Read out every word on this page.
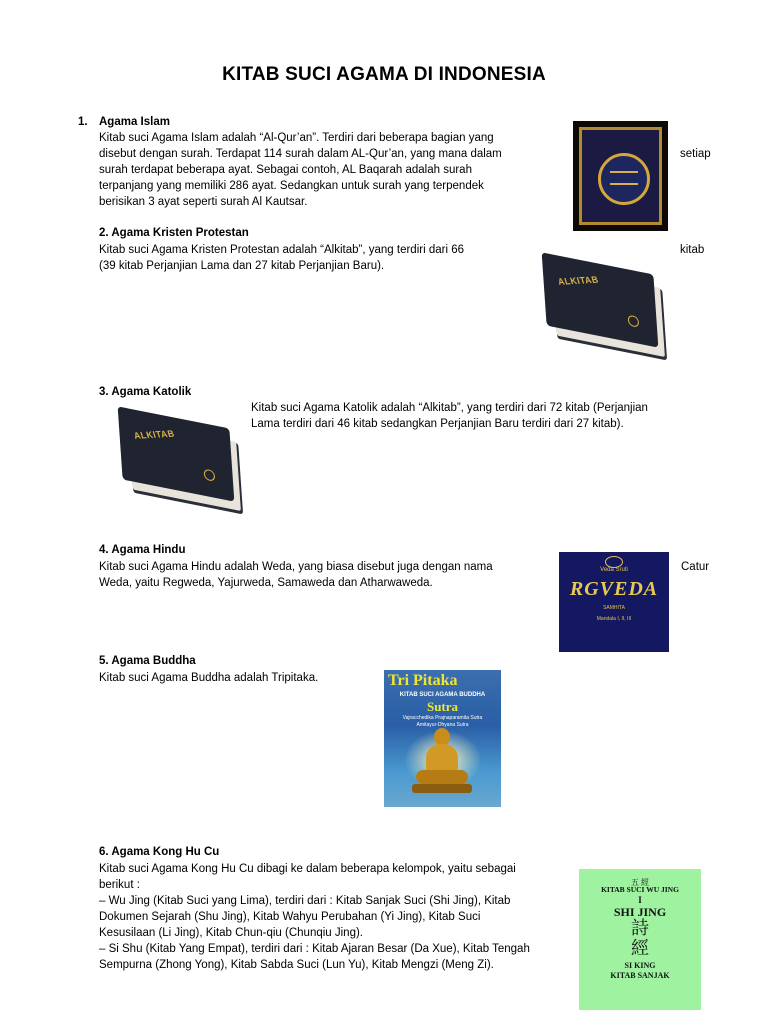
KITAB SUCI AGAMA DI INDONESIA
1. Agama Islam
Kitab suci Agama Islam adalah “Al-Qur’an”. Terdiri dari beberapa bagian yang
disebut dengan surah. Terdapat 114 surah dalam AL-Qur’an, yang mana dalam
surah terdapat beberapa ayat. Sebagai contoh, AL Baqarah adalah surah
terpanjang yang memiliki 286 ayat. Sedangkan untuk surah yang terpendek
berisikan 3 ayat seperti surah Al Kautsar.
setiap
2. Agama Kristen Protestan
Kitab suci Agama Kristen Protestan adalah “Alkitab”, yang terdiri dari 66
(39 kitab Perjanjian Lama dan 27 kitab Perjanjian Baru).
kitab
ALKITAB
3. Agama Katolik
Kitab suci Agama Katolik adalah “Alkitab”, yang terdiri dari 72 kitab (Perjanjian
Lama terdiri dari 46 kitab sedangkan Perjanjian Baru terdiri dari 27 kitab).
ALKITAB
4. Agama Hindu
Kitab suci Agama Hindu adalah Weda, yang biasa disebut juga dengan nama
Weda, yaitu Regweda, Yajurweda, Samaweda dan Atharwaweda.
Catur
Veda Sruti
RGVEDA
SAMHITA
Mandala I, II, III
5. Agama Buddha
Kitab suci Agama Buddha adalah Tripitaka.	Tri Pitaka
KITAB SUCI AGAMA BUDDHA
Sutra
Vajracchedika Prajnaparamita Sutra
Amitayur-Dhyana Sutra
6. Agama Kong Hu Cu
Kitab suci Agama Kong Hu Cu dibagi ke dalam beberapa kelompok, yaitu sebagai
berikut :
– Wu Jing (Kitab Suci yang Lima), terdiri dari : Kitab Sanjak Suci (Shi Jing), Kitab
Dokumen Sejarah (Shu Jing), Kitab Wahyu Perubahan (Yi Jing), Kitab Suci
Kesusilaan (Li Jing), Kitab Chun-qiu (Chunqiu Jing).
– Si Shu (Kitab Yang Empat), terdiri dari : Kitab Ajaran Besar (Da Xue), Kitab Tengah
Sempurna (Zhong Yong), Kitab Sabda Suci (Lun Yu), Kitab Mengzi (Meng Zi).
五 經
KITAB SUCI WU JING
I
SHI JING
詩
經
SI KING
KITAB SANJAK
